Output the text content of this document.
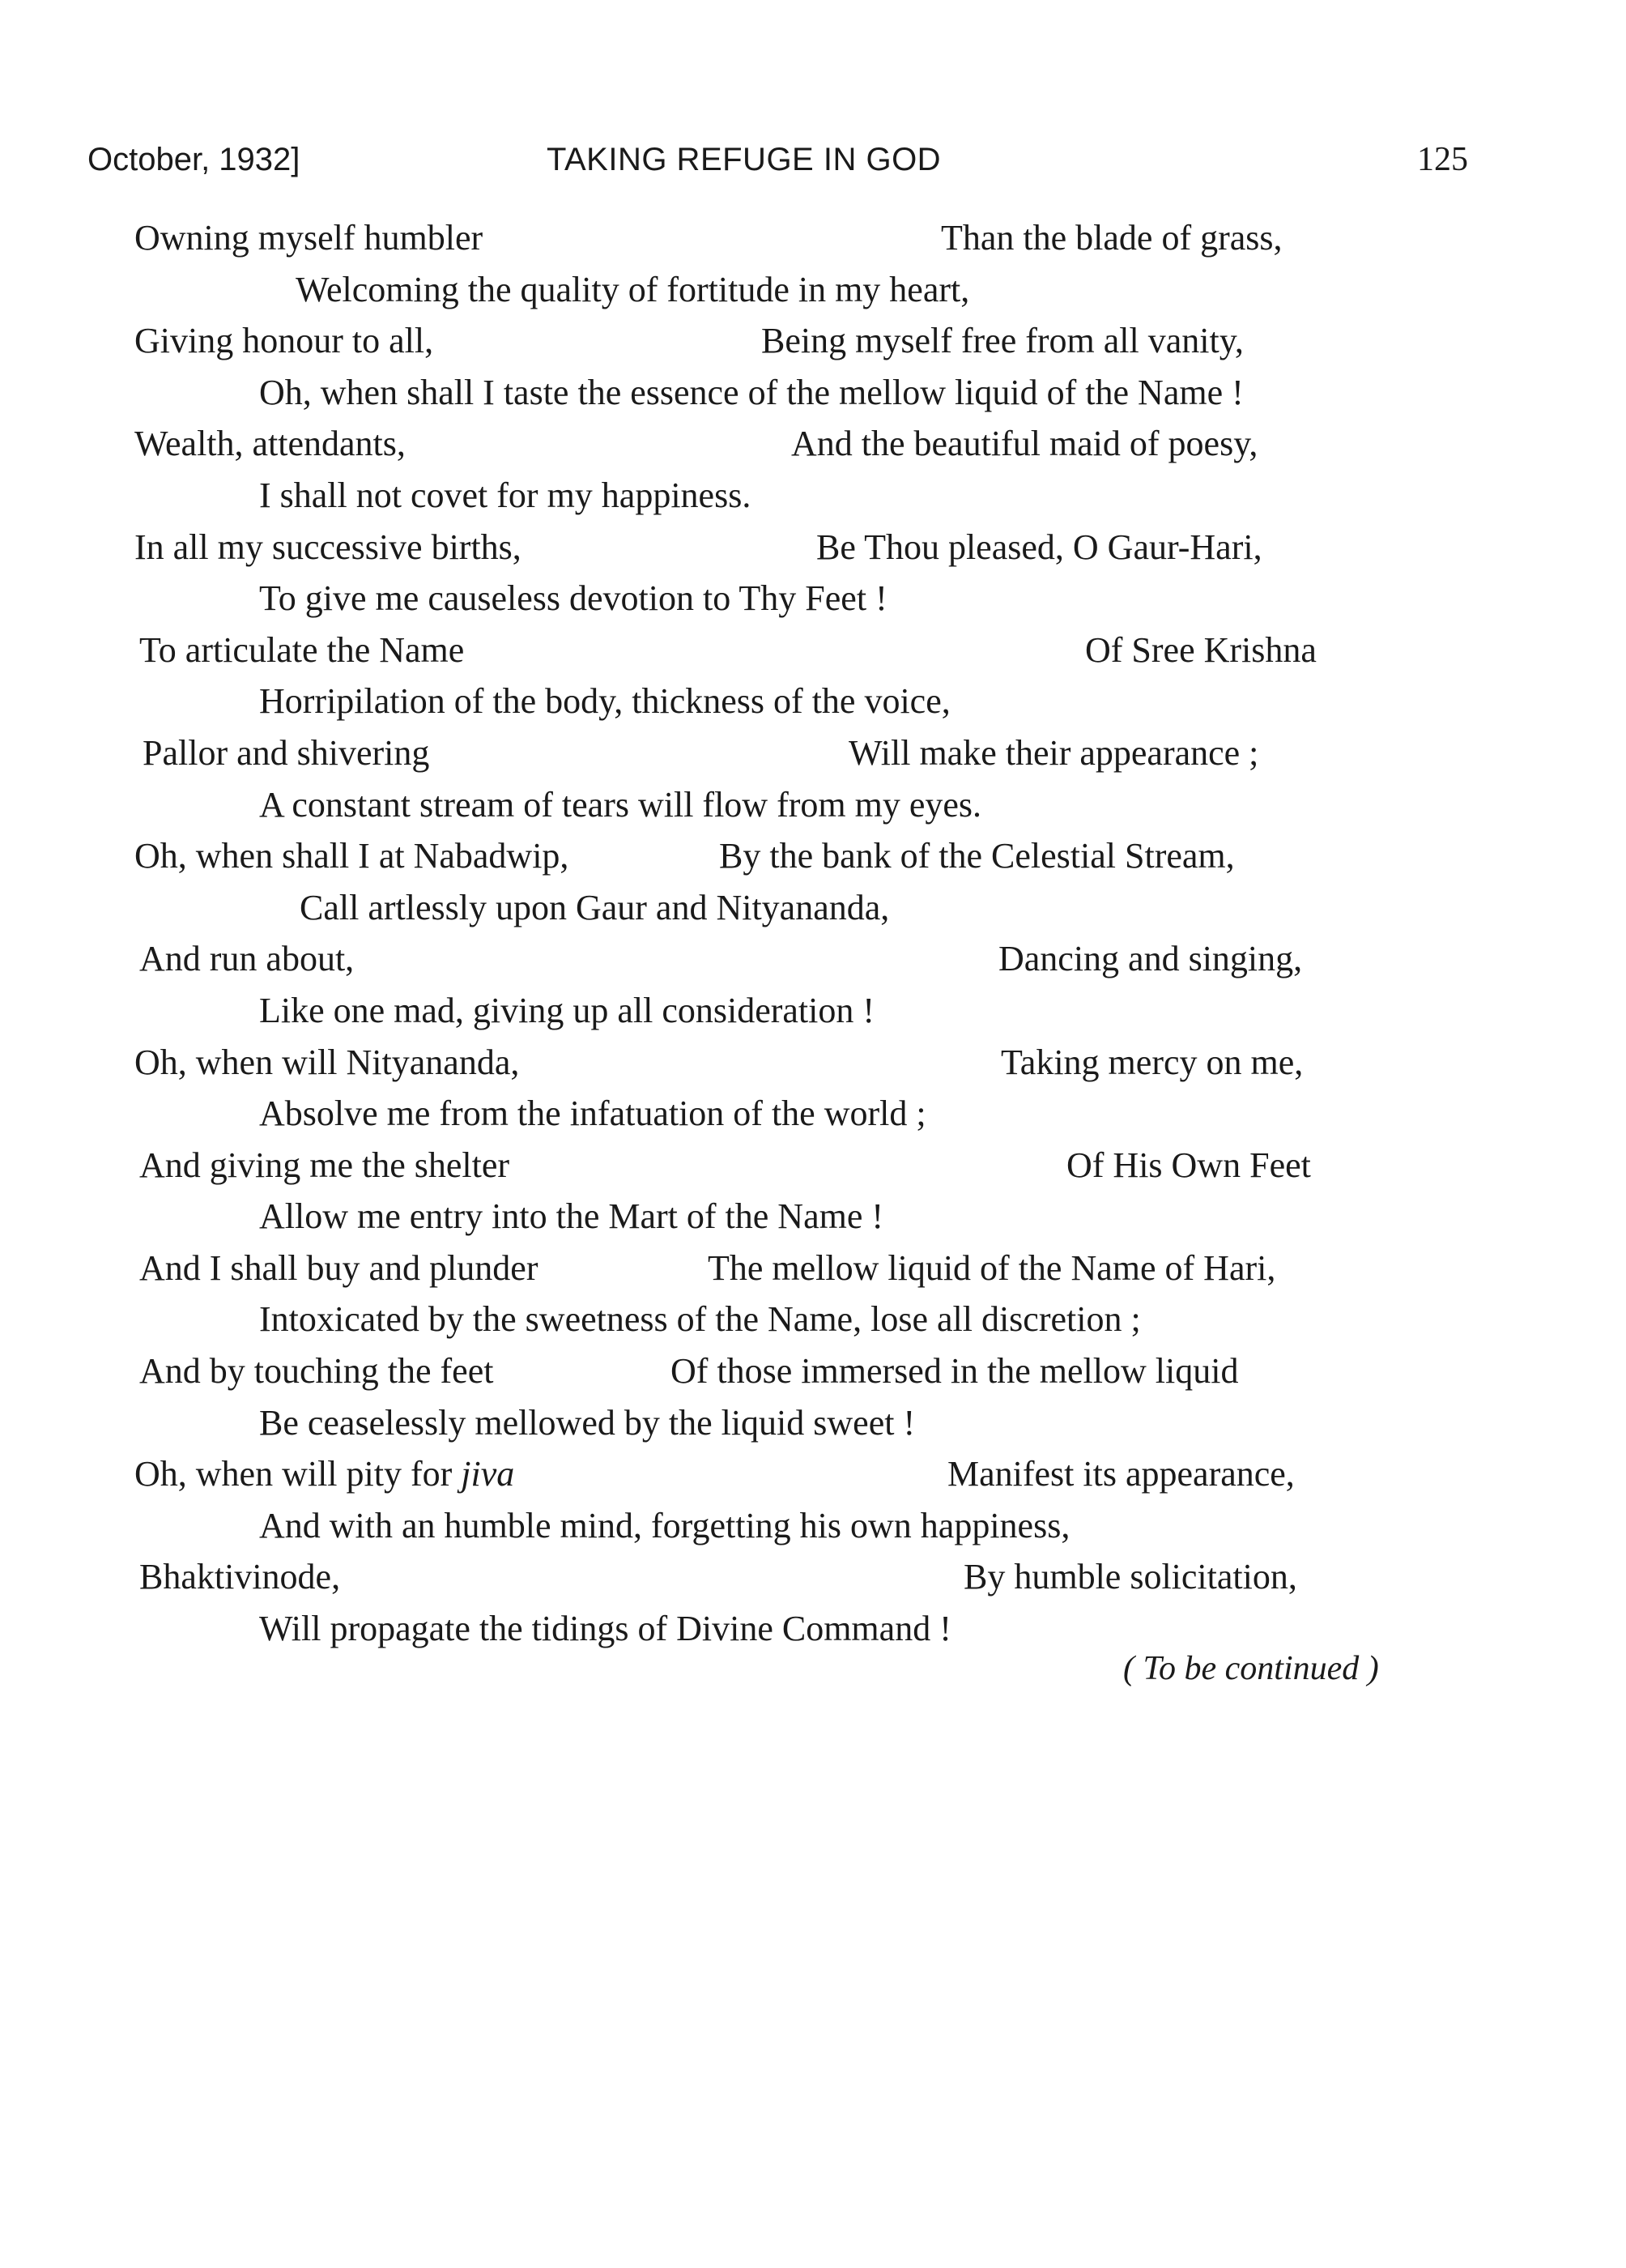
October, 1932]	TAKING REFUGE IN GOD	125
Owning myself humbler	Than the blade of grass,
Welcoming the quality of fortitude in my heart,
Giving honour to all,	Being myself free from all vanity,
Oh, when shall I taste the essence of the mellow liquid of the Name !
Wealth, attendants,	And the beautiful maid of poesy,
I shall not covet for my happiness.
In all my successive births,	Be Thou pleased, O Gaur-Hari,
To give me causeless devotion to Thy Feet !
To articulate the Name	Of Sree Krishna
Horripilation of the body, thickness of the voice,
Pallor and shivering	Will make their appearance ;
A constant stream of tears will flow from my eyes.
Oh, when shall I at Nabadwip,	By the bank of the Celestial Stream,
Call artlessly upon Gaur and Nityananda,
And run about,	Dancing and singing,
Like one mad, giving up all consideration !
Oh, when will Nityananda,	Taking mercy on me,
Absolve me from the infatuation of the world ;
And giving me the shelter	Of His Own Feet
Allow me entry into the Mart of the Name !
And I shall buy and plunder	The mellow liquid of the Name of Hari,
Intoxicated by the sweetness of the Name, lose all discretion ;
And by touching the feet	Of those immersed in the mellow liquid
Be ceaselessly mellowed by the liquid sweet !
Oh, when will pity for jiva	Manifest its appearance,
And with an humble mind, forgetting his own happiness,
Bhaktivinode,	By humble solicitation,
Will propagate the tidings of Divine Command !
( To be continued )
